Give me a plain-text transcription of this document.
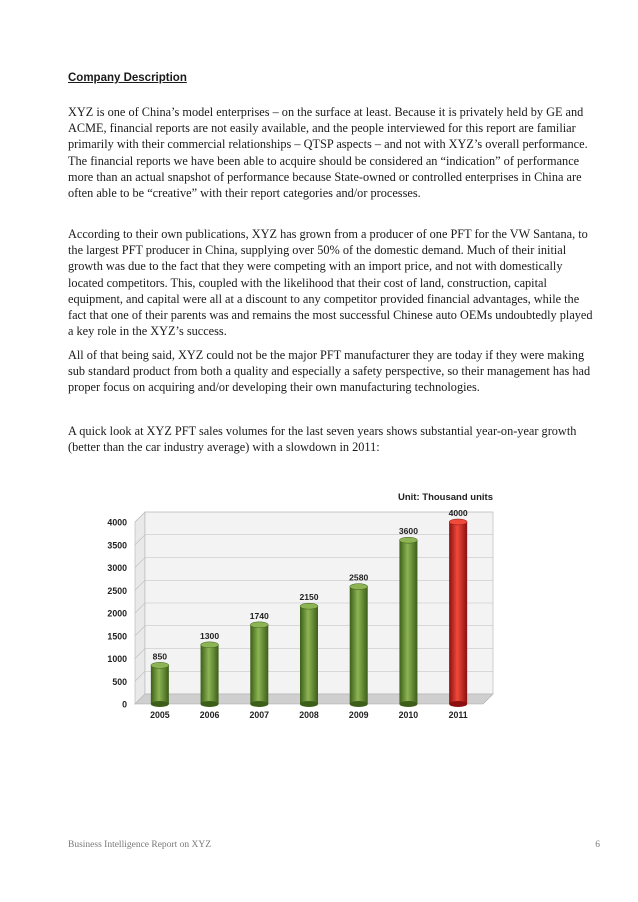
Company Description

XYZ is one of China’s model enterprises – on the surface at least. Because it is privately held by GE and ACME, financial reports are not easily available, and the people interviewed for this report are familiar primarily with their commercial relationships – QTSP aspects – and not with XYZ’s overall performance. The financial reports we have been able to acquire should be considered an “indication” of performance more than an actual snapshot of performance because State-owned or controlled enterprises in China are often able to be “creative” with their report categories and/or processes.

According to their own publications, XYZ has grown from a producer of one PFT for the VW Santana, to the largest PFT producer in China, supplying over 50% of the domestic demand. Much of their initial growth was due to the fact that they were competing with an import price, and not with domestically located competitors. This, coupled with the likelihood that their cost of land, construction, capital equipment, and capital were all at a discount to any competitor provided financial advantages, while the fact that one of their parents was and remains the most successful Chinese auto OEMs undoubtedly played a key role in the XYZ’s success.

All of that being said, XYZ could not be the major PFT manufacturer they are today if they were making sub standard product from both a quality and especially a safety perspective, so their management has had proper focus on acquiring and/or developing their own manufacturing technologies.

A quick look at XYZ PFT sales volumes for the last seven years shows substantial year-on-year growth (better than the car industry average) with a slowdown in 2011:

0
500
1000
1500
2000
2500
3000
3500
4000
850
2005
1300
2006
1740
2007
2150
2008
2580
2009
3600
2010
4000
2011
Unit: Thousand units
Business Intelligence Report on XYZ	6
